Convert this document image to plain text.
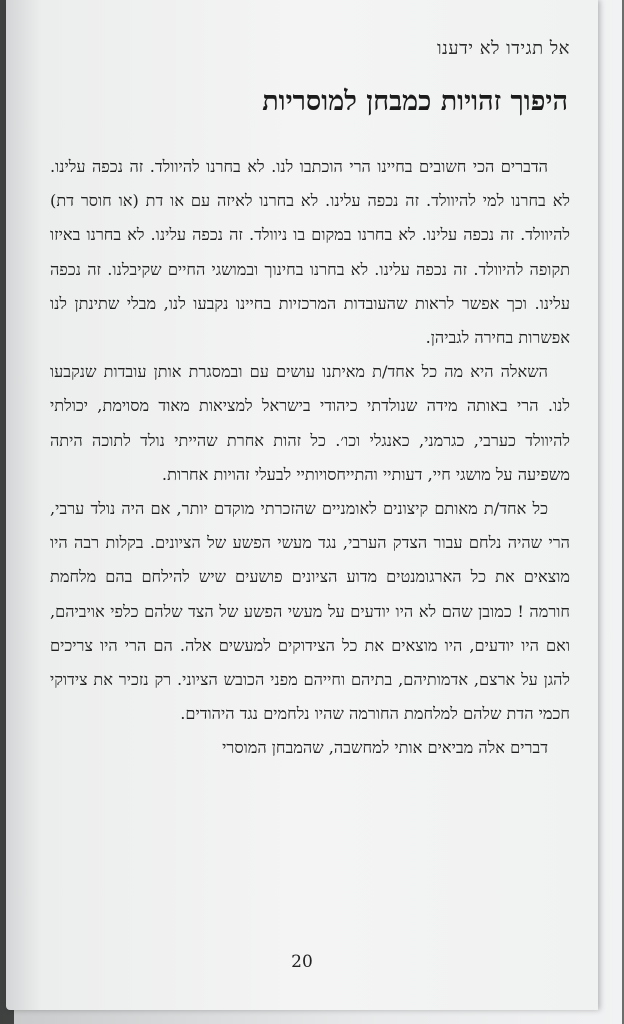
אל תגידו לא ידענו
היפוך זהויות כמבחן למוסריות

הדברים הכי חשובים בחיינו הרי הוכתבו לנו. לא בחרנו להיוולד. זה נכפה עלינו. לא בחרנו למי להיוולד. זה נכפה עלינו. לא בחרנו לאיזה עם או דת (או חוסר דת) להיוולד. זה נכפה עלינו. לא בחרנו במקום בו ניוולד. זה נכפה עלינו. לא בחרנו באיזו תקופה להיוולד. זה נכפה עלינו. לא בחרנו בחינוך ובמושגי החיים שקיבלנו. זה נכפה עלינו. וכך אפשר לראות שהעובדות המרכזיות בחיינו נקבעו לנו, מבלי שתינתן לנו אפשרות בחירה לגביהן.

השאלה היא מה כל אחד/ת מאיתנו עושים עם ובמסגרת אותן עובדות שנקבעו לנו. הרי באותה מידה שנולדתי כיהודי בישראל למציאות מאוד מסוימת, יכולתי להיוולד כערבי, כגרמני, כאנגלי וכו׳. כל זהות אחרת שהייתי נולד לתוכה היתה משפיעה על מושגי חיי, דעותיי והתייחסויותיי לבעלי זהויות אחרות.

כל אחד/ת מאותם קיצונים לאומניים שהזכרתי מוקדם יותר, אם היה נולד ערבי, הרי שהיה נלחם עבור הצדק הערבי, נגד מעשי הפשע של הציונים. בקלות רבה היו מוצאים את כל הארגומנטים מדוע הציונים פושעים שיש להילחם בהם מלחמת חורמה ! כמובן שהם לא היו יודעים על מעשי הפשע של הצד שלהם כלפי אויביהם, ואם היו יודעים, היו מוצאים את כל הצידוקים למעשים אלה. הם הרי היו צריכים להגן על ארצם, אדמותיהם, בתיהם וחייהם מפני הכובש הציוני. רק נזכיר את צידוקי חכמי הדת שלהם למלחמת החורמה שהיו נלחמים נגד היהודים.

דברים אלה מביאים אותי למחשבה, שהמבחן המוסרי

20
